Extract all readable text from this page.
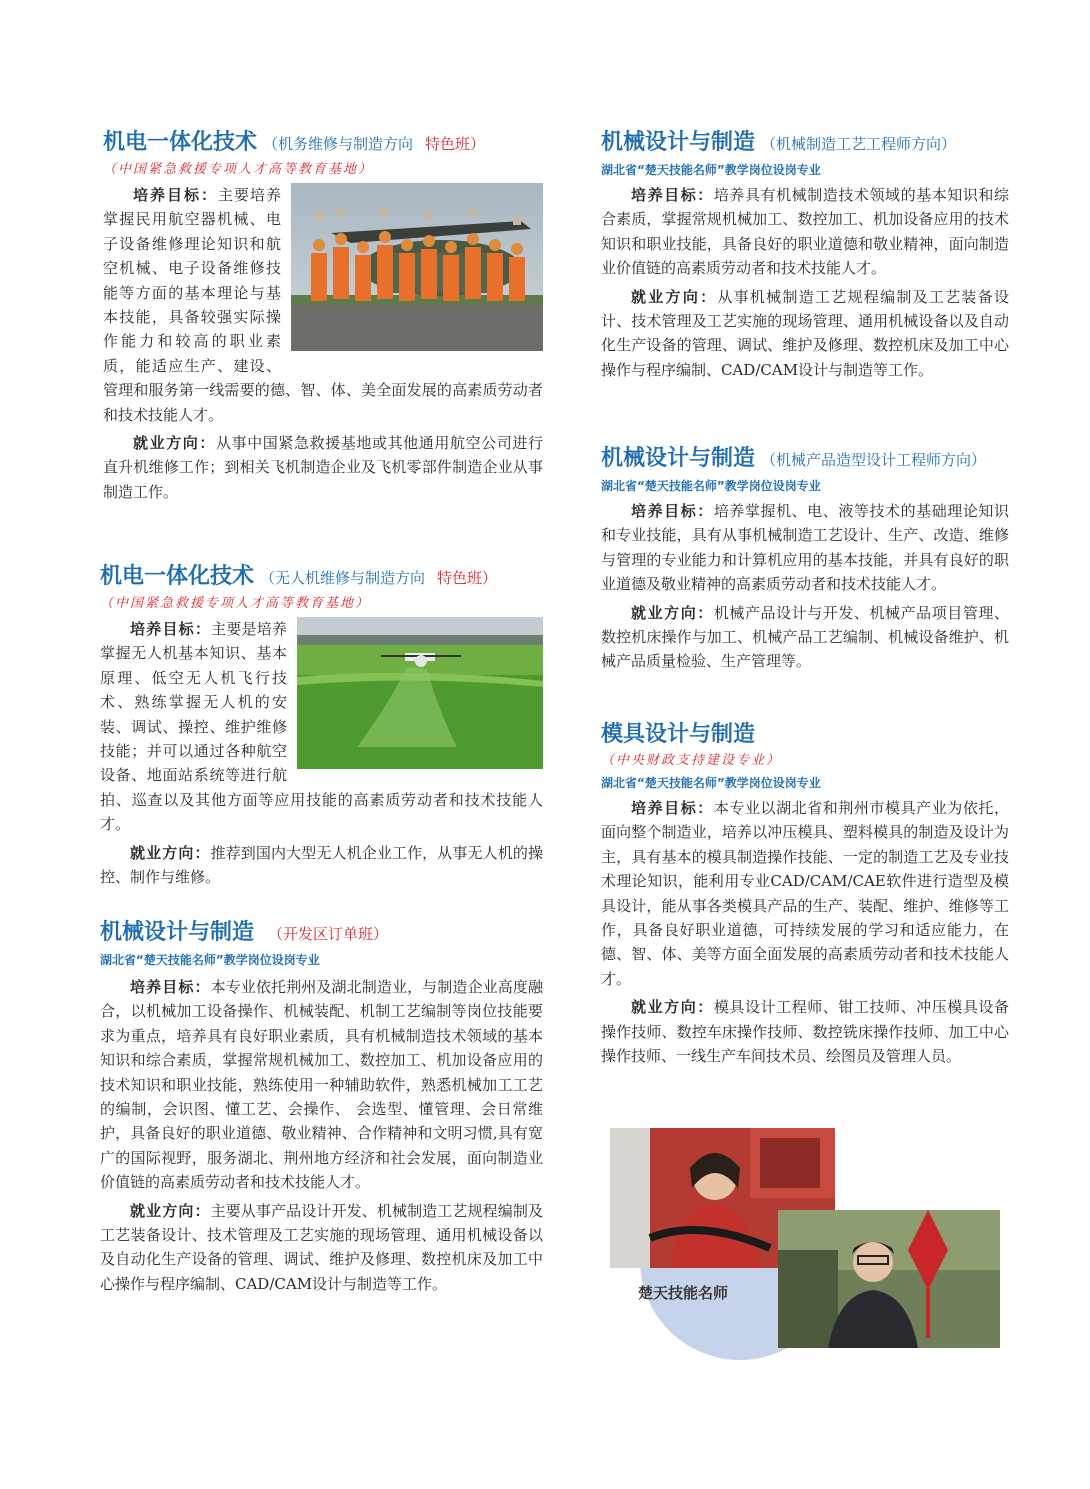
机电一体化技术 （机务维修与制造方向 特色班）
（中国紧急救援专项人才高等教育基地）
培养目标：主要培养掌握民用航空器机械、电子设备维修理论知识和航空机械、电子设备维修技能等方面的基本理论与基本技能，具备较强实际操作能力和较高的职业素质，能适应生产、建设、管理和服务第一线需要的德、智、体、美全面发展的高素质劳动者和技术技能人才。
就业方向：从事中国紧急救援基地或其他通用航空公司进行直升机维修工作；到相关飞机制造企业及飞机零部件制造企业从事制造工作。
机电一体化技术 （无人机维修与制造方向 特色班）
（中国紧急救援专项人才高等教育基地）
培养目标：主要是培养掌握无人机基本知识、基本原理、低空无人机飞行技术、熟练掌握无人机的安装、调试、操控、维护维修技能；并可以通过各种航空设备、地面站系统等进行航拍、巡查以及其他方面等应用技能的高素质劳动者和技术技能人才。
就业方向：推荐到国内大型无人机企业工作，从事无人机的操控、制作与维修。
机械设计与制造 （开发区订单班）
湖北省“楚天技能名师”教学岗位设岗专业
培养目标：本专业依托荆州及湖北制造业，与制造企业高度融合，以机械加工设备操作、机械装配、机制工艺编制等岗位技能要求为重点，培养具有良好职业素质，具有机械制造技术领域的基本知识和综合素质，掌握常规机械加工、数控加工、机加设备应用的技术知识和职业技能，熟练使用一种辅助软件，熟悉机械加工工艺的编制，会识图、懂工艺、会操作、 会选型、懂管理、会日常维护，具备良好的职业道德、敬业精神、合作精神和文明习惯,具有宽广的国际视野，服务湖北、荆州地方经济和社会发展，面向制造业价值链的高素质劳动者和技术技能人才。
就业方向：主要从事产品设计开发、机械制造工艺规程编制及工艺装备设计、技术管理及工艺实施的现场管理、通用机械设备以及自动化生产设备的管理、调试、维护及修理、数控机床及加工中心操作与程序编制、CAD/CAM设计与制造等工作。
机械设计与制造 （机械制造工艺工程师方向）
湖北省“楚天技能名师”教学岗位设岗专业
培养目标：培养具有机械制造技术领域的基本知识和综合素质，掌握常规机械加工、数控加工、机加设备应用的技术知识和职业技能，具备良好的职业道德和敬业精神，面向制造业价值链的高素质劳动者和技术技能人才。
就业方向：从事机械制造工艺规程编制及工艺装备设计、技术管理及工艺实施的现场管理、通用机械设备以及自动化生产设备的管理、调试、维护及修理、数控机床及加工中心操作与程序编制、CAD/CAM设计与制造等工作。
机械设计与制造 （机械产品造型设计工程师方向）
湖北省“楚天技能名师”教学岗位设岗专业
培养目标：培养掌握机、电、液等技术的基础理论知识和专业技能，具有从事机械制造工艺设计、生产、改造、维修与管理的专业能力和计算机应用的基本技能，并具有良好的职业道德及敬业精神的高素质劳动者和技术技能人才。
就业方向：机械产品设计与开发、机械产品项目管理、数控机床操作与加工、机械产品工艺编制、机械设备维护、机械产品质量检验、生产管理等。
模具设计与制造
（中央财政支持建设专业）
湖北省“楚天技能名师”教学岗位设岗专业
培养目标：本专业以湖北省和荆州市模具产业为依托，面向整个制造业，培养以冲压模具、塑料模具的制造及设计为主，具有基本的模具制造操作技能、一定的制造工艺及专业技术理论知识，能利用专业CAD/CAM/CAE软件进行造型及模具设计，能从事各类模具产品的生产、装配、维护、维修等工作，具备良好职业道德，可持续发展的学习和适应能力，在德、智、体、美等方面全面发展的高素质劳动者和技术技能人才。
就业方向：模具设计工程师、钳工技师、冲压模具设备操作技师、数控车床操作技师、数控铣床操作技师、加工中心操作技师、一线生产车间技术员、绘图员及管理人员。
楚天技能名师
